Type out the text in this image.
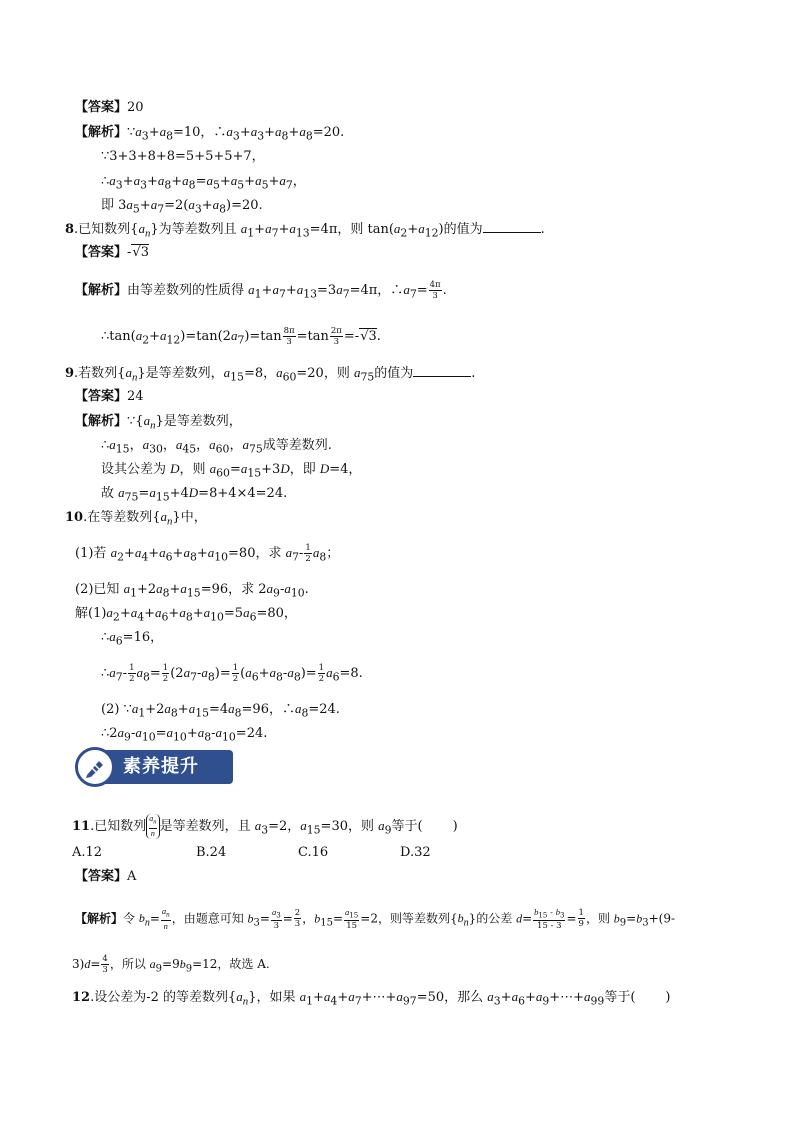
【答案】20
【解析】$\because a_3+a_8=10$，$\therefore a_3+a_3+a_8+a_8=20$.
∵3+3+8+8=5+5+5+7，
$\therefore a_3+a_3+a_8+a_8=a_5+a_5+a_5+a_7$，
即 $3a_5+a_7=2(a_3+a_8)=20$.
8.已知数列$\{a_n\}$为等差数列且 $a_1+a_7+a_{13}=4\pi$，则 $\tan(a_2+a_{12})$的值为	.
【答案】-√3
【解析】由等差数列的性质得 $a_1+a_7+a_{13}=3a_7=4\pi$，$\therefore a_7= \frac{4\pi}{3}$ .
$\therefore\tan(a_2+a_{12})=\tan(2a_7)=\tan \frac{8\pi}{3} =\tan \frac{2\pi}{3} =-√3$.
9.若数列$\{a_n\}$是等差数列，$a_{15}=8$，$a_{60}=20$，则 $a_{75}$的值为	.
【答案】24
【解析】$\because\{a_n\}$是等差数列，
$\therefore a_{15}$，$a_{30}$，$a_{45}$，$a_{60}$，$a_{75}$成等差数列.
设其公差为 D，则 $a_{60}=a_{15}+3D$，即 D=4，
故 $a_{75}=a_{15}+4D=8+4\times 4=24$.
10.在等差数列$\{a_n\}$中，
(1)若 $a_2+a_4+a_6+a_8+a_{10}=80$，求 $a_7- \frac{1}{2} a_8$；
(2)已知 $a_1+2a_8+a_{15}=96$，求 $2a_9-a_{10}$.
解$(1)a_2+a_4+a_6+a_8+a_{10}=5a_6=80$，
$\therefore a_6=16$，
$\therefore a_7- \frac{1}{2} a_8= \frac{1}{2} (2a_7-a_8)= \frac{1}{2} (a_6+a_8-a_8)= \frac{1}{2} a_6=8$.
(2) $\because a_1+2a_8+a_{15}=4a_8=96$，$\therefore a_8=24$.
$\therefore 2a_9-a_{10}=a_{10}+a_8-a_{10}=24$.
素养提升
11.已知数列 $\frac{a_n}{n}$ 是等差数列，且 $a_3=2$，$a_{15}=30$，则 $a_9$等于( )
A.12	B.24	C.16	D.32
【答案】A
【解析】令 $b_n= \frac{a_n}{n}$ ，由题意可知 $b_3= \frac{a_3}{3} = \frac{2}{3}$ ，$b_{15}= \frac{a_{15}}{15} =2$，则等差数列$\{b_n\}$的公差 $d= \frac{b_{15} - b_3}{15 - 3} = \frac{1}{9}$ ，则 $b_9=b_3+(9-$
$3)d= \frac{4}{3}$ ，所以 $a_9=9b_9=12$，故选 A.
12.设公差为-2 的等差数列$\{a_n\}$，如果 $a_1+a_4+a_7+\cdots+a_{97}=50$，那么 $a_3+a_6+a_9+\cdots+a_{99}$等于( )
